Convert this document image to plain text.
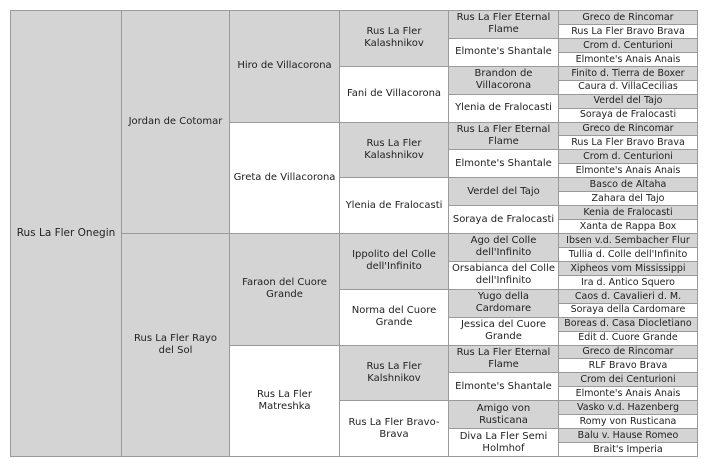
Rus La Fler Onegin
Jordan de Cotomar
Rus La Fler Rayo del Sol
Hiro de Villacorona
Greta de Villacorona
Faraon del Cuore Grande
Rus La Fler Matreshka
Rus La Fler Kalashnikov
Fani de Villacorona
Rus La Fler Kalashnikov
Ylenia de Fralocasti
Ippolito del Colle dell'Infinito
Norma del Cuore Grande
Rus La Fler Kalshnikov
Rus La Fler Bravo-Brava
Rus La Fler Eternal Flame
Elmonte's Shantale
Brandon de Villacorona
Ylenia de Fralocasti
Rus La Fler Eternal Flame
Elmonte's Shantale
Verdel del Tajo
Soraya de Fralocasti
Ago del Colle dell'Infinito
Orsabianca del Colle dell'Infinito
Yugo della Cardomare
Jessica del Cuore Grande
Rus La Fler Eternal Flame
Elmonte's Shantale
Amigo von Rusticana
Diva La Fler Semi Holmhof
Greco de Rincomar
Rus La Fler Bravo Brava
Crom d. Centurioni
Elmonte's Anais Anais
Finito d. Tierra de Boxer
Caura d. VillaCecilias
Verdel del Tajo
Soraya de Fralocasti
Greco de Rincomar
Rus La Fler Bravo Brava
Crom d. Centurioni
Elmonte's Anais Anais
Basco de Altaha
Zahara del Tajo
Kenia de Fralocasti
Xanta de Rappa Box
Ibsen v.d. Sembacher Flur
Tullia d. Colle dell'Infinito
Xipheos vom Mississippi
Ira d. Antico Squero
Caos d. Cavalieri d. M.
Soraya della Cardomare
Boreas d. Casa Diocletiano
Edit d. Cuore Grande
Greco de Rincomar
RLF Bravo Brava
Crom dei Centurioni
Elmonte's Anais Anais
Vasko v.d. Hazenberg
Romy von Rusticana
Balu v. Hause Romeo
Brait's Imperia
